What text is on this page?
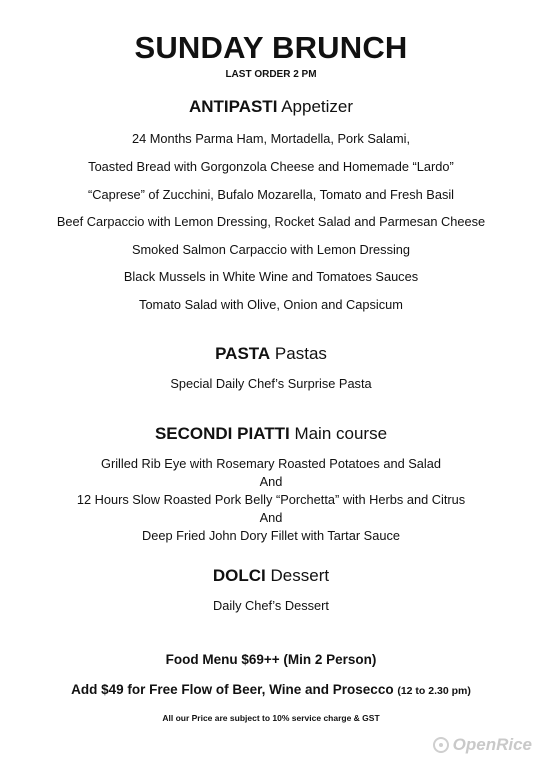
SUNDAY BRUNCH
LAST ORDER 2 PM
ANTIPASTI Appetizer
24 Months Parma Ham, Mortadella, Pork Salami,
Toasted Bread with Gorgonzola Cheese and Homemade “Lardo”
“Caprese” of Zucchini, Bufalo Mozarella, Tomato and Fresh Basil
Beef Carpaccio with Lemon Dressing, Rocket Salad and Parmesan Cheese
Smoked Salmon Carpaccio with Lemon Dressing
Black Mussels in White Wine and Tomatoes Sauces
Tomato Salad with Olive, Onion and Capsicum
PASTA Pastas
Special Daily Chef’s Surprise Pasta
SECONDI PIATTI Main course
Grilled Rib Eye with Rosemary Roasted Potatoes and Salad
And
12 Hours Slow Roasted Pork Belly “Porchetta” with Herbs and Citrus
And
Deep Fried John Dory Fillet with Tartar Sauce
DOLCI Dessert
Daily Chef’s Dessert
Food Menu $69++ (Min 2 Person)
Add $49 for Free Flow of Beer, Wine and Prosecco (12 to 2.30 pm)
All our Price are subject to 10% service charge & GST
OpenRice
